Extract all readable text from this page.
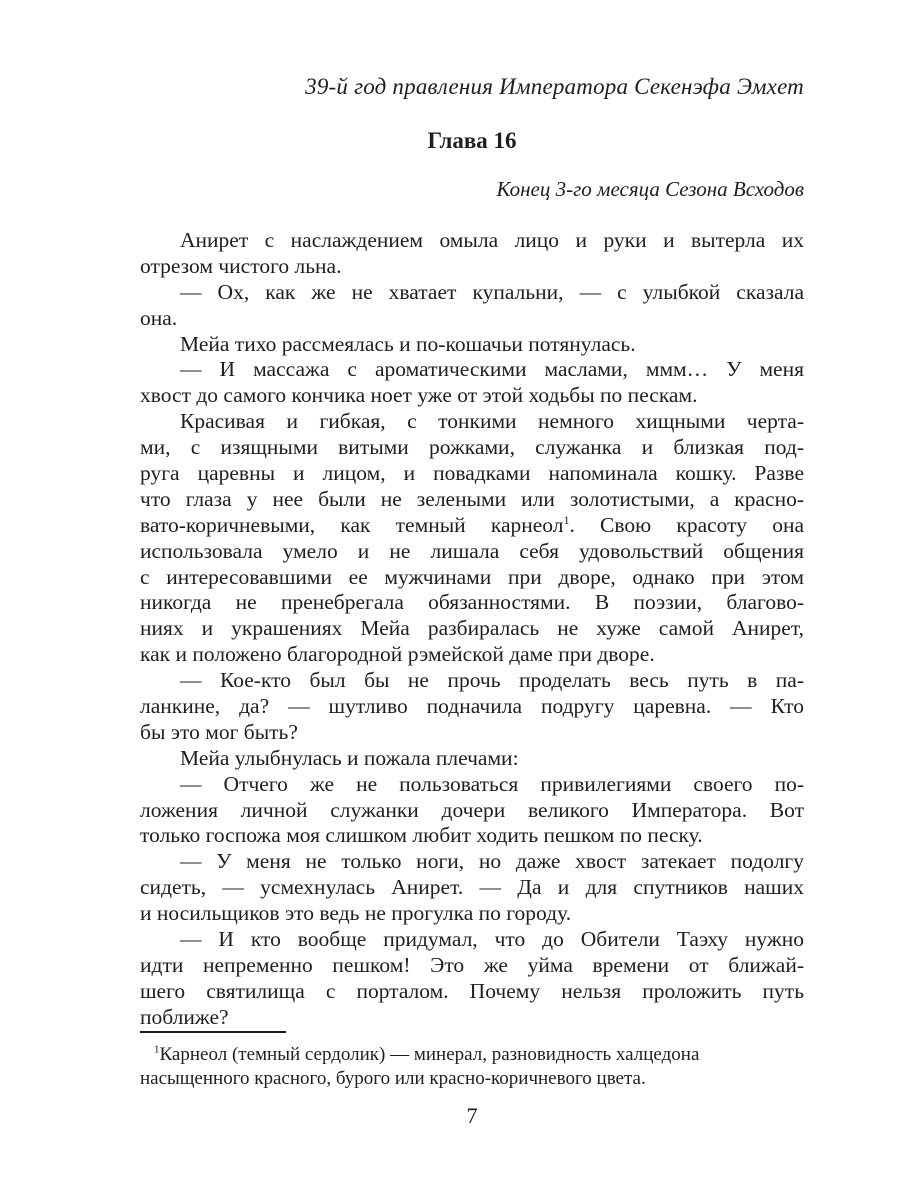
39-й год правления Императора Секенэфа Эмхет
Глава 16
Конец 3-го месяца Сезона Всходов
Анирет с наслаждением омыла лицо и руки и вытерла их
отрезом чистого льна.
— Ох, как же не хватает купальни, — с улыбкой сказала
она.
Мейа тихо рассмеялась и по-кошачьи потянулась.
— И массажа с ароматическими маслами, ммм… У меня
хвост до самого кончика ноет уже от этой ходьбы по пескам.
Красивая и гибкая, с тонкими немного хищными черта-
ми, с изящными витыми рожками, служанка и близкая под-
руга царевны и лицом, и повадками напоминала кошку. Разве
что глаза у нее были не зелеными или золотистыми, а красно-
вато-коричневыми, как темный карнеол$^1$. Свою красоту она
использовала умело и не лишала себя удовольствий общения
с интересовавшими ее мужчинами при дворе, однако при этом
никогда не пренебрегала обязанностями. В поэзии, благово-
ниях и украшениях Мейа разбиралась не хуже самой Анирет,
как и положено благородной рэмейской даме при дворе.
— Кое-кто был бы не прочь проделать весь путь в па-
ланкине, да? — шутливо подначила подругу царевна. — Кто
бы это мог быть?
Мейа улыбнулась и пожала плечами:
— Отчего же не пользоваться привилегиями своего по-
ложения личной служанки дочери великого Императора. Вот
только госпожа моя слишком любит ходить пешком по песку.
— У меня не только ноги, но даже хвост затекает подолгу
сидеть, — усмехнулась Анирет. — Да и для спутников наших
и носильщиков это ведь не прогулка по городу.
— И кто вообще придумал, что до Обители Таэху нужно
идти непременно пешком! Это же уйма времени от ближай-
шего святилища с порталом. Почему нельзя проложить путь
поближе?
$^1$Карнеол (темный сердолик) — минерал, разновидность халцедона
насыщенного красного, бурого или красно-коричневого цвета.
7
